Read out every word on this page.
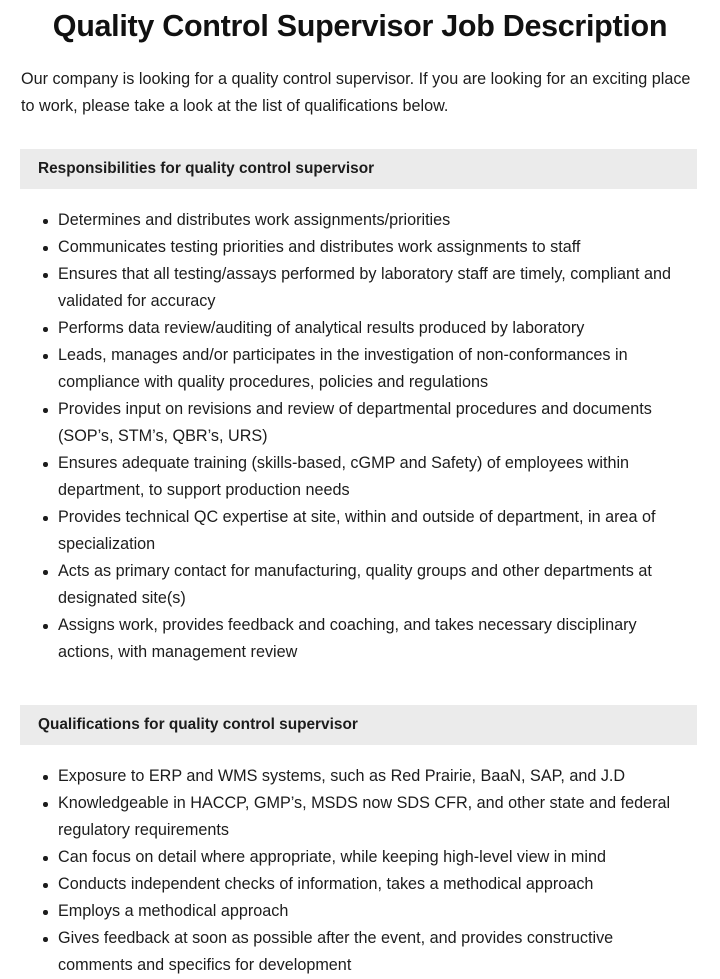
Quality Control Supervisor Job Description

Our company is looking for a quality control supervisor. If you are looking for an exciting place to work, please take a look at the list of qualifications below.

Responsibilities for quality control supervisor
Determines and distributes work assignments/priorities
Communicates testing priorities and distributes work assignments to staff
Ensures that all testing/assays performed by laboratory staff are timely, compliant and validated for accuracy
Performs data review/auditing of analytical results produced by laboratory
Leads, manages and/or participates in the investigation of non-conformances in compliance with quality procedures, policies and regulations
Provides input on revisions and review of departmental procedures and documents (SOP’s, STM’s, QBR’s, URS)
Ensures adequate training (skills-based, cGMP and Safety) of employees within department, to support production needs
Provides technical QC expertise at site, within and outside of department, in area of specialization
Acts as primary contact for manufacturing, quality groups and other departments at designated site(s)
Assigns work, provides feedback and coaching, and takes necessary disciplinary actions, with management review
Qualifications for quality control supervisor
Exposure to ERP and WMS systems, such as Red Prairie, BaaN, SAP, and J.D
Knowledgeable in HACCP, GMP’s, MSDS now SDS CFR, and other state and federal regulatory requirements
Can focus on detail where appropriate, while keeping high-level view in mind
Conducts independent checks of information, takes a methodical approach
Employs a methodical approach
Gives feedback at soon as possible after the event, and provides constructive comments and specifics for development
